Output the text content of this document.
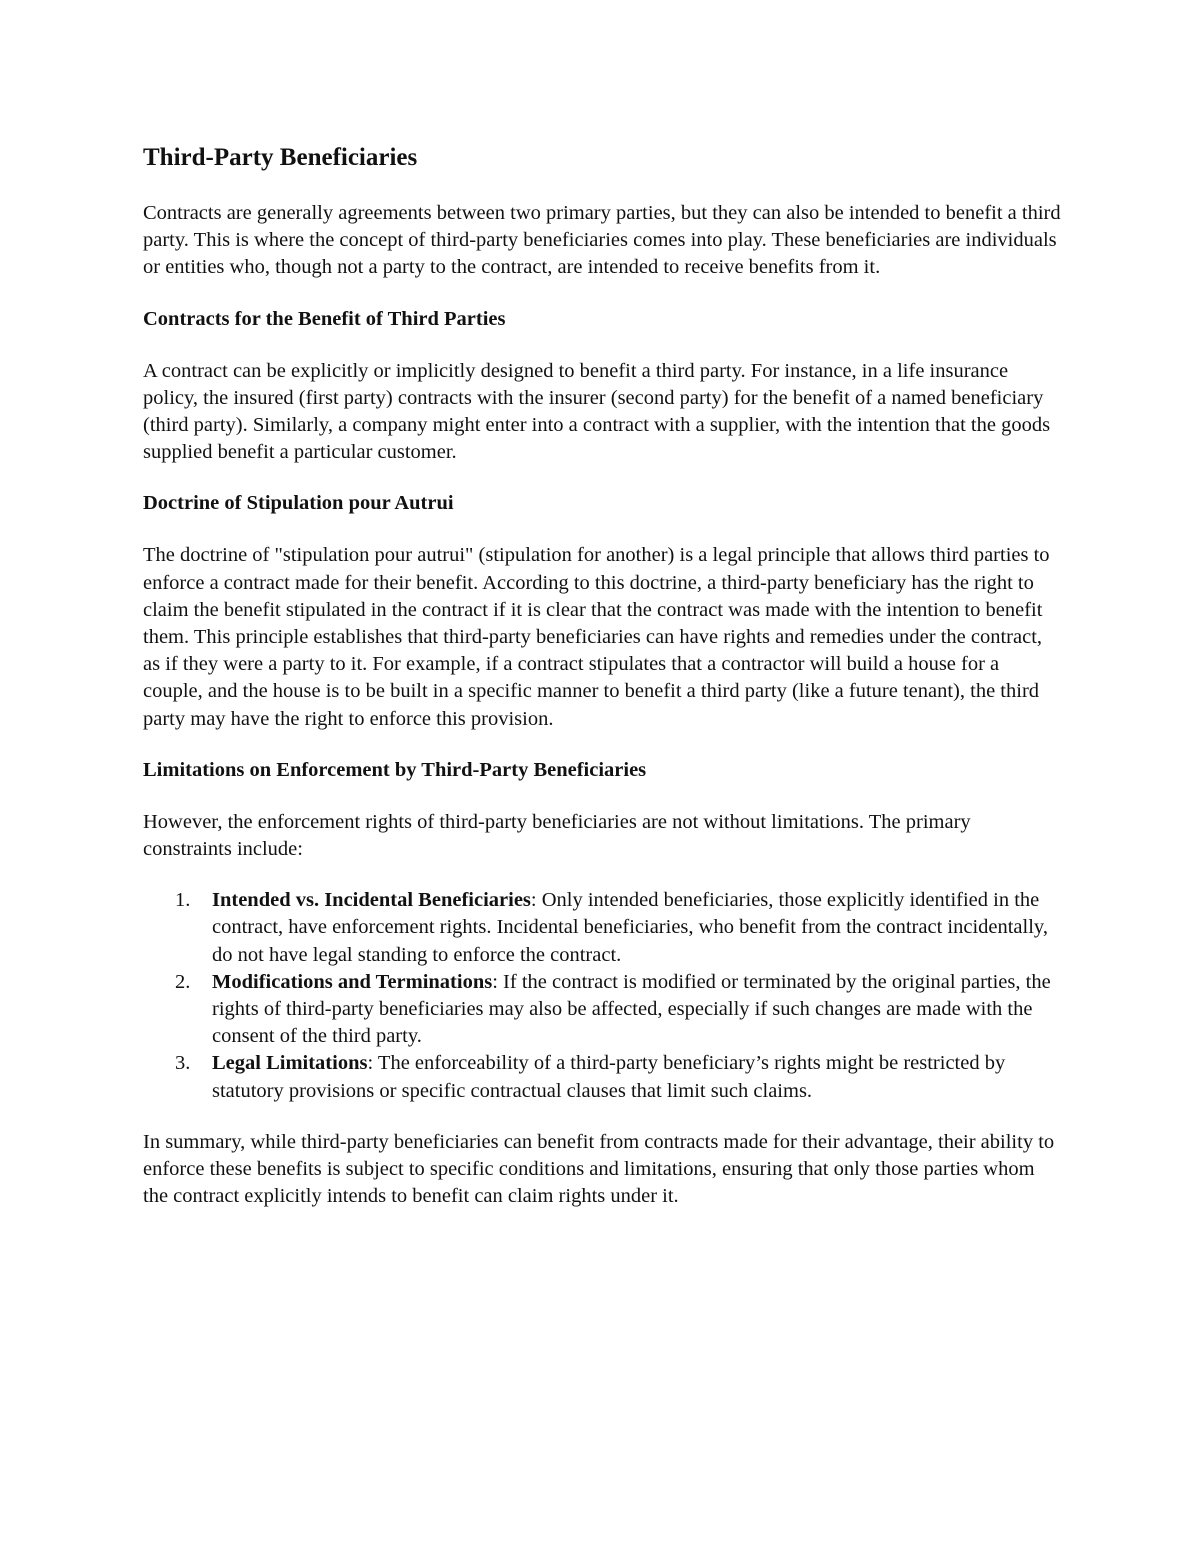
Third-Party Beneficiaries

Contracts are generally agreements between two primary parties, but they can also be intended to benefit a third party. This is where the concept of third-party beneficiaries comes into play. These beneficiaries are individuals or entities who, though not a party to the contract, are intended to receive benefits from it.

Contracts for the Benefit of Third Parties

A contract can be explicitly or implicitly designed to benefit a third party. For instance, in a life insurance policy, the insured (first party) contracts with the insurer (second party) for the benefit of a named beneficiary (third party). Similarly, a company might enter into a contract with a supplier, with the intention that the goods supplied benefit a particular customer.

Doctrine of Stipulation pour Autrui

The doctrine of "stipulation pour autrui" (stipulation for another) is a legal principle that allows third parties to enforce a contract made for their benefit. According to this doctrine, a third-party beneficiary has the right to claim the benefit stipulated in the contract if it is clear that the contract was made with the intention to benefit them. This principle establishes that third-party beneficiaries can have rights and remedies under the contract, as if they were a party to it. For example, if a contract stipulates that a contractor will build a house for a couple, and the house is to be built in a specific manner to benefit a third party (like a future tenant), the third party may have the right to enforce this provision.

Limitations on Enforcement by Third-Party Beneficiaries

However, the enforcement rights of third-party beneficiaries are not without limitations. The primary constraints include:

1. Intended vs. Incidental Beneficiaries: Only intended beneficiaries, those explicitly identified in the contract, have enforcement rights. Incidental beneficiaries, who benefit from the contract incidentally, do not have legal standing to enforce the contract.
2. Modifications and Terminations: If the contract is modified or terminated by the original parties, the rights of third-party beneficiaries may also be affected, especially if such changes are made with the consent of the third party.
3. Legal Limitations: The enforceability of a third-party beneficiary’s rights might be restricted by statutory provisions or specific contractual clauses that limit such claims.

In summary, while third-party beneficiaries can benefit from contracts made for their advantage, their ability to enforce these benefits is subject to specific conditions and limitations, ensuring that only those parties whom the contract explicitly intends to benefit can claim rights under it.
